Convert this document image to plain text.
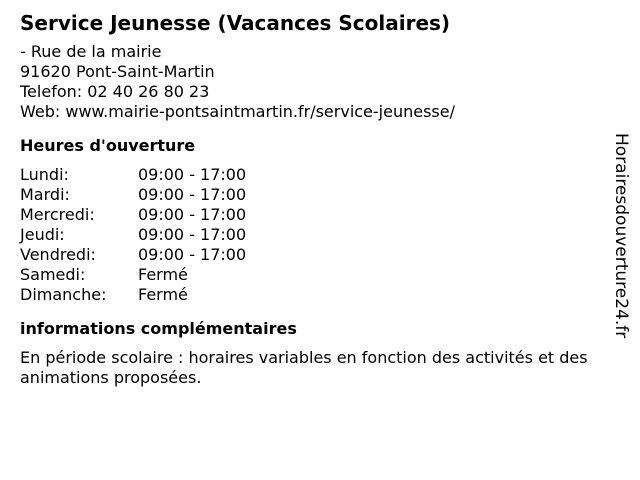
Service Jeunesse (Vacances Scolaires)
- Rue de la mairie
91620 Pont-Saint-Martin
Telefon: 02 40 26 80 23
Web: www.mairie-pontsaintmartin.fr/service-jeunesse/
Heures d'ouverture
Lundi:	09:00 - 17:00
Mardi:	09:00 - 17:00
Mercredi:	09:00 - 17:00
Jeudi:	09:00 - 17:00
Vendredi:	09:00 - 17:00
Samedi:	Fermé
Dimanche:	Fermé
informations complémentaires
En période scolaire : horaires variables en fonction des activités et des animations proposées.
Horairesdouverture24.fr
